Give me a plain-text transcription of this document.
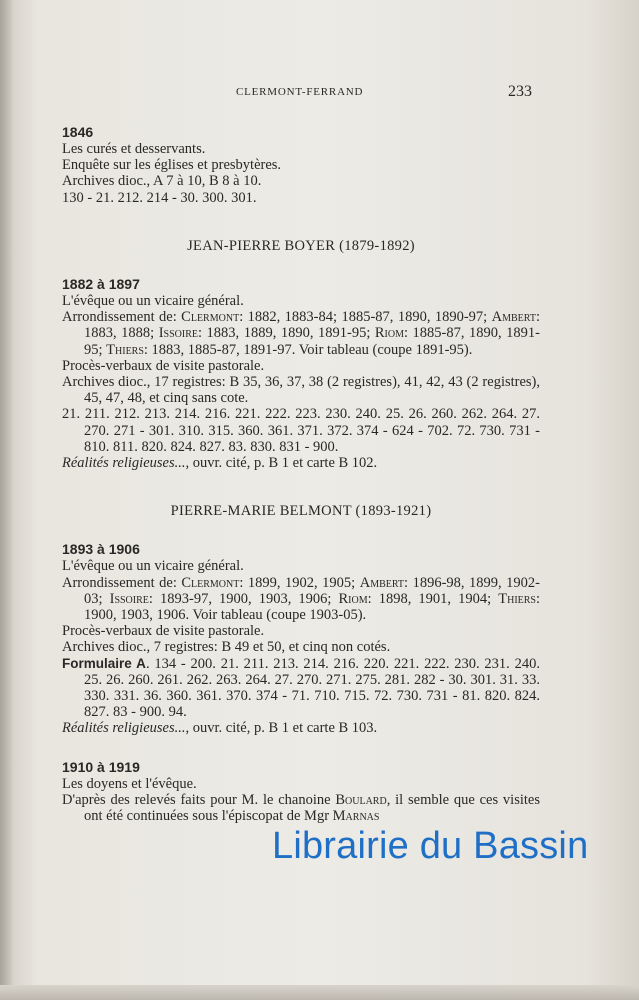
CLERMONT-FERRAND	233
1846
Les curés et desservants.
Enquête sur les églises et presbytères.
Archives dioc., A 7 à 10, B 8 à 10.
130 - 21. 212. 214 - 30. 300. 301.
JEAN-PIERRE BOYER (1879-1892)
1882 à 1897
L'évêque ou un vicaire général.
Arrondissement de: Clermont: 1882, 1883-84; 1885-87, 1890, 1890-97; Ambert: 1883, 1888; Issoire: 1883, 1889, 1890, 1891-95; Riom: 1885-87, 1890, 1891-95; Thiers: 1883, 1885-87, 1891-97. Voir tableau (coupe 1891-95).
Procès-verbaux de visite pastorale.
Archives dioc., 17 registres: B 35, 36, 37, 38 (2 registres), 41, 42, 43 (2 registres), 45, 47, 48, et cinq sans cote.
21. 211. 212. 213. 214. 216. 221. 222. 223. 230. 240. 25. 26. 260. 262. 264. 27. 270. 271 - 301. 310. 315. 360. 361. 371. 372. 374 - 624 - 702. 72. 730. 731 - 810. 811. 820. 824. 827. 83. 830. 831 - 900.
Réalités religieuses..., ouvr. cité, p. B 1 et carte B 102.
PIERRE-MARIE BELMONT (1893-1921)
1893 à 1906
L'évêque ou un vicaire général.
Arrondissement de: Clermont: 1899, 1902, 1905; Ambert: 1896-98, 1899, 1902-03; Issoire: 1893-97, 1900, 1903, 1906; Riom: 1898, 1901, 1904; Thiers: 1900, 1903, 1906. Voir tableau (coupe 1903-05).
Procès-verbaux de visite pastorale.
Archives dioc., 7 registres: B 49 et 50, et cinq non cotés.
Formulaire A. 134 - 200. 21. 211. 213. 214. 216. 220. 221. 222. 230. 231. 240. 25. 26. 260. 261. 262. 263. 264. 27. 270. 271. 275. 281. 282 - 30. 301. 31. 33. 330. 331. 36. 360. 361. 370. 374 - 71. 710. 715. 72. 730. 731 - 81. 820. 824. 827. 83 - 900. 94.
Réalités religieuses..., ouvr. cité, p. B 1 et carte B 103.
1910 à 1919
Les doyens et l'évêque.
D'après des relevés faits pour M. le chanoine Boulard, il semble que ces visites ont été continuées sous l'épiscopat de Mgr Marnas
Librairie du Bassin
